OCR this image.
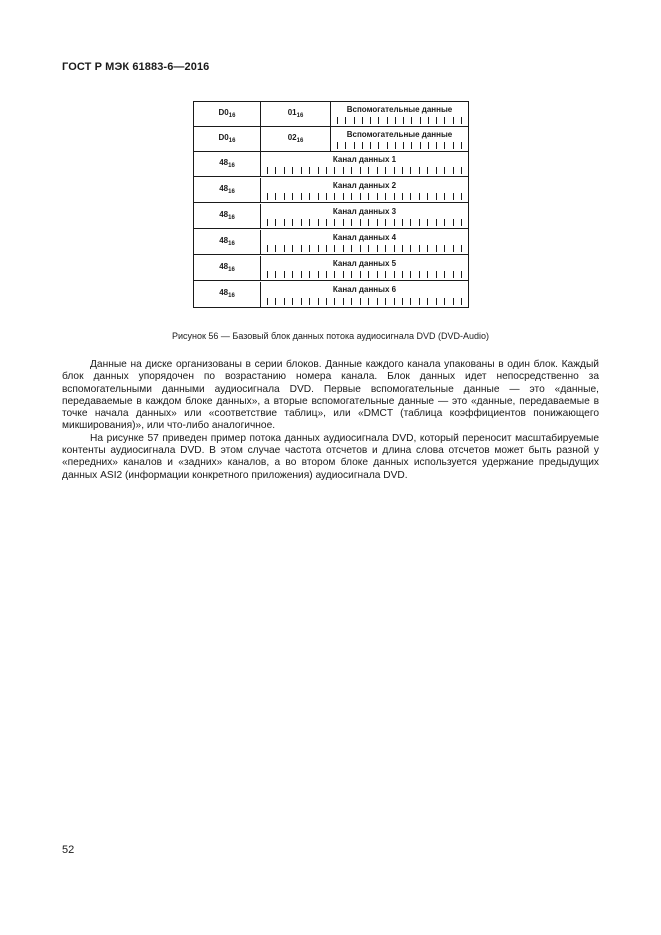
ГОСТ Р МЭК 61883-6—2016
$D0_{16}$	$01_{16}$
Вспомогательные данные
$D0_{16}$	$02_{16}$
Вспомогательные данные
$48_{16}$
Канал данных 1
$48_{16}$
Канал данных 2
$48_{16}$
Канал данных 3
$48_{16}$
Канал данных 4
$48_{16}$
Канал данных 5
$48_{16}$
Канал данных 6
Рисунок 56 — Базовый блок данных потока аудиосигнала DVD (DVD-Audio)

Данные на диске организованы в серии блоков. Данные каждого канала упакованы в один блок. Каждый блок данных упорядочен по возрастанию номера канала. Блок данных идет непосредственно за вспомогательными данными аудиосигнала DVD. Первые вспомогательные данные — это «данные, передаваемые в каждом блоке данных», а вторые вспомогательные данные — это «данные, передаваемые в точке начала данных» или «соответствие таблиц», или «DMCT (таблица коэффициентов понижающего микширования)», или что-либо аналогичное.

На рисунке 57 приведен пример потока данных аудиосигнала DVD, который переносит масштабируемые контенты аудиосигнала DVD. В этом случае частота отсчетов и длина слова отсчетов может быть разной у «передних» каналов и «задних» каналов, а во втором блоке данных используется удержание предыдущих данных ASI2 (информации конкретного приложения) аудиосигнала DVD.

52
